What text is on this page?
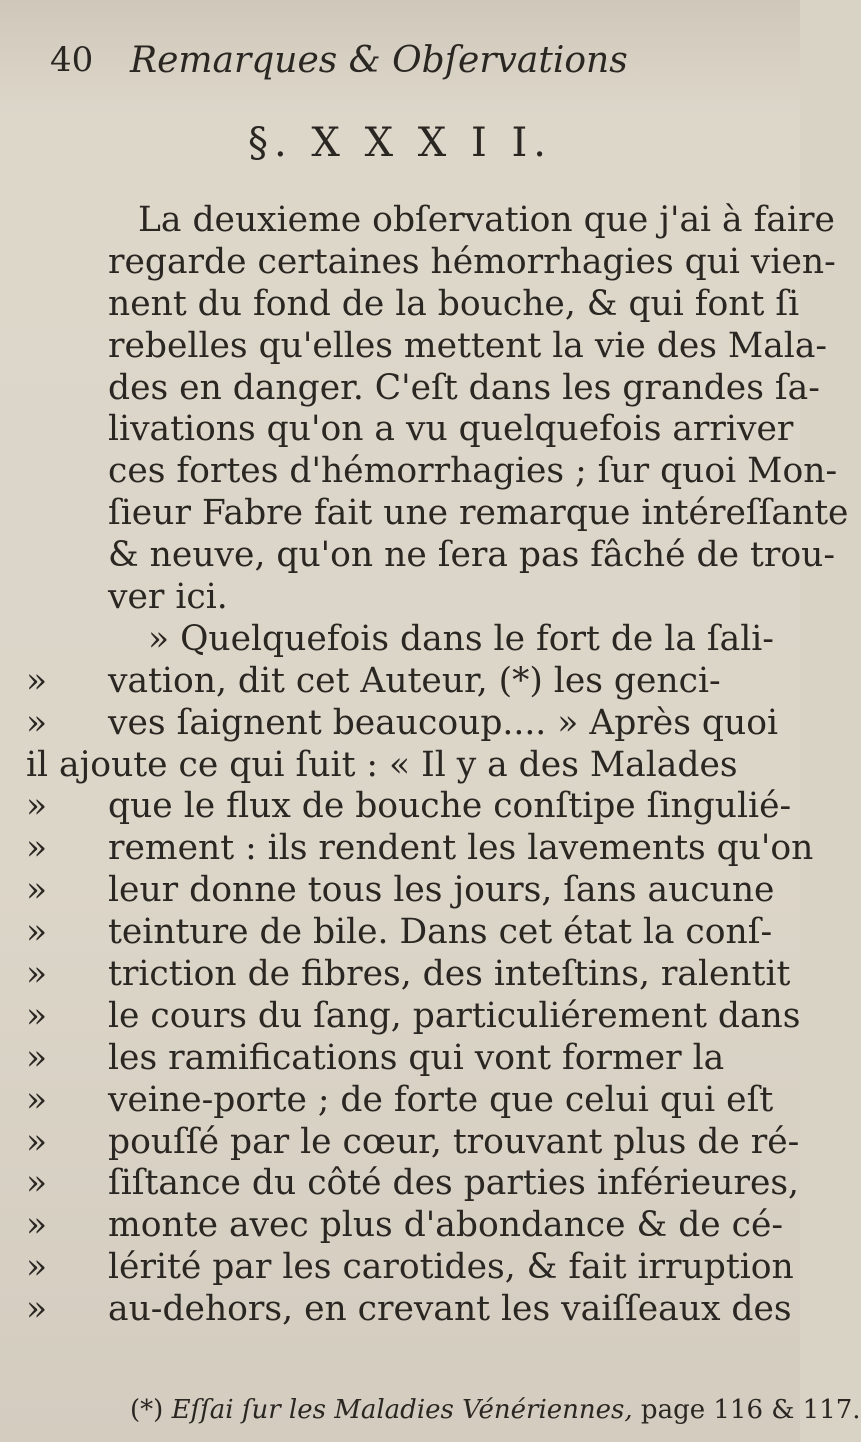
40 Remarques & Obſervations
§. X X X I I.
La deuxieme obſervation que j'ai à faire
regarde certaines hémorrhagies qui vien-
nent du fond de la bouche, & qui font ſi
rebelles qu'elles mettent la vie des Mala-
des en danger. C'eſt dans les grandes ſa-
livations qu'on a vu quelquefois arriver
ces fortes d'hémorrhagies ; ſur quoi Mon-
ſieur Fabre fait une remarque intéreſſante
& neuve, qu'on ne ſera pas fâché de trou-
ver ici.
» Quelquefois dans le fort de la ſali-
»	vation, dit cet Auteur, (*) les genci-
»	ves ſaignent beaucoup.... » Après quoi
il ajoute ce qui ſuit : « Il y a des Malades
»	que le flux de bouche conſtipe ſingulié-
»	rement : ils rendent les lavements qu'on
»	leur donne tous les jours, ſans aucune
»	teinture de bile. Dans cet état la conſ-
»	triction de fibres, des inteſtins, ralentit
»	le cours du ſang, particuliérement dans
»	les ramifications qui vont former la
»	veine-porte ; de forte que celui qui eſt
»	pouſſé par le cœur, trouvant plus de ré-
»	ſiſtance du côté des parties inférieures,
»	monte avec plus d'abondance & de cé-
»	lérité par les carotides, & fait irruption
»	au-dehors, en crevant les vaiſſeaux des
(*) Eſſai ſur les Maladies Vénériennes, page 116 & 117.
